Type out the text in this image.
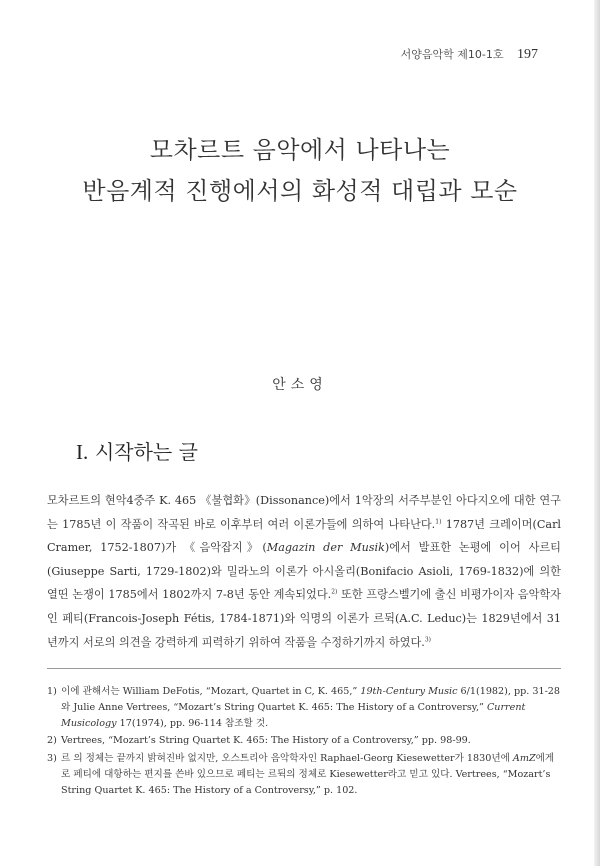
서양음악학 제10-1호 197
모차르트 음악에서 나타나는
반음계적 진행에서의 화성적 대립과 모순
안소영
I. 시작하는 글

모차르트의 현악4중주 K. 465 《불협화》(Dissonance)에서 1악장의 서주부분인 아다지오에 대한 연구는 1785년 이 작품이 작곡된 바로 이후부터 여러 이론가들에 의하여 나타난다.$^{1)}$ 1787년 크레이머(Carl Cramer, 1752-1807)가 《음악잡지》(Magazin der Musik)에서 발표한 논평에 이어 사르티(Giuseppe Sarti, 1729-1802)와 밀라노의 이론가 아시올리(Bonifacio Asioli, 1769-1832)에 의한 열띤 논쟁이 1785에서 1802까지 7-8년 동안 계속되었다.$^{2)}$ 또한 프랑스벨기에 출신 비평가이자 음악학자인 페티(Francois-Joseph Fétis, 1784-1871)와 익명의 이론가 르뒥(A.C. Leduc)는 1829년에서 31년까지 서로의 의견을 강력하게 피력하기 위하여 작품을 수정하기까지 하였다.$^{3)}$

1) 이에 관해서는 William DeFotis, “Mozart, Quartet in C, K. 465,” 19th-Century Music 6/1(1982), pp. 31-28와 Julie Anne Vertrees, “Mozart’s String Quartet K. 465: The History of a Controversy,” Current Musicology 17(1974), pp. 96-114 참조할 것.
2) Vertrees, “Mozart’s String Quartet K. 465: The History of a Controversy,” pp. 98-99.
3) 르 의 정체는 끝까지 밝혀진바 없지만, 오스트리아 음악학자인 Raphael-Georg Kiesewetter가 1830년에 AmZ에게로 페티에 대항하는 편지를 쓴바 있으므로 페티는 르뒥의 정체로 Kiesewetter라고 믿고 있다. Vertrees, “Mozart’s String Quartet K. 465: The History of a Controversy,” p. 102.
